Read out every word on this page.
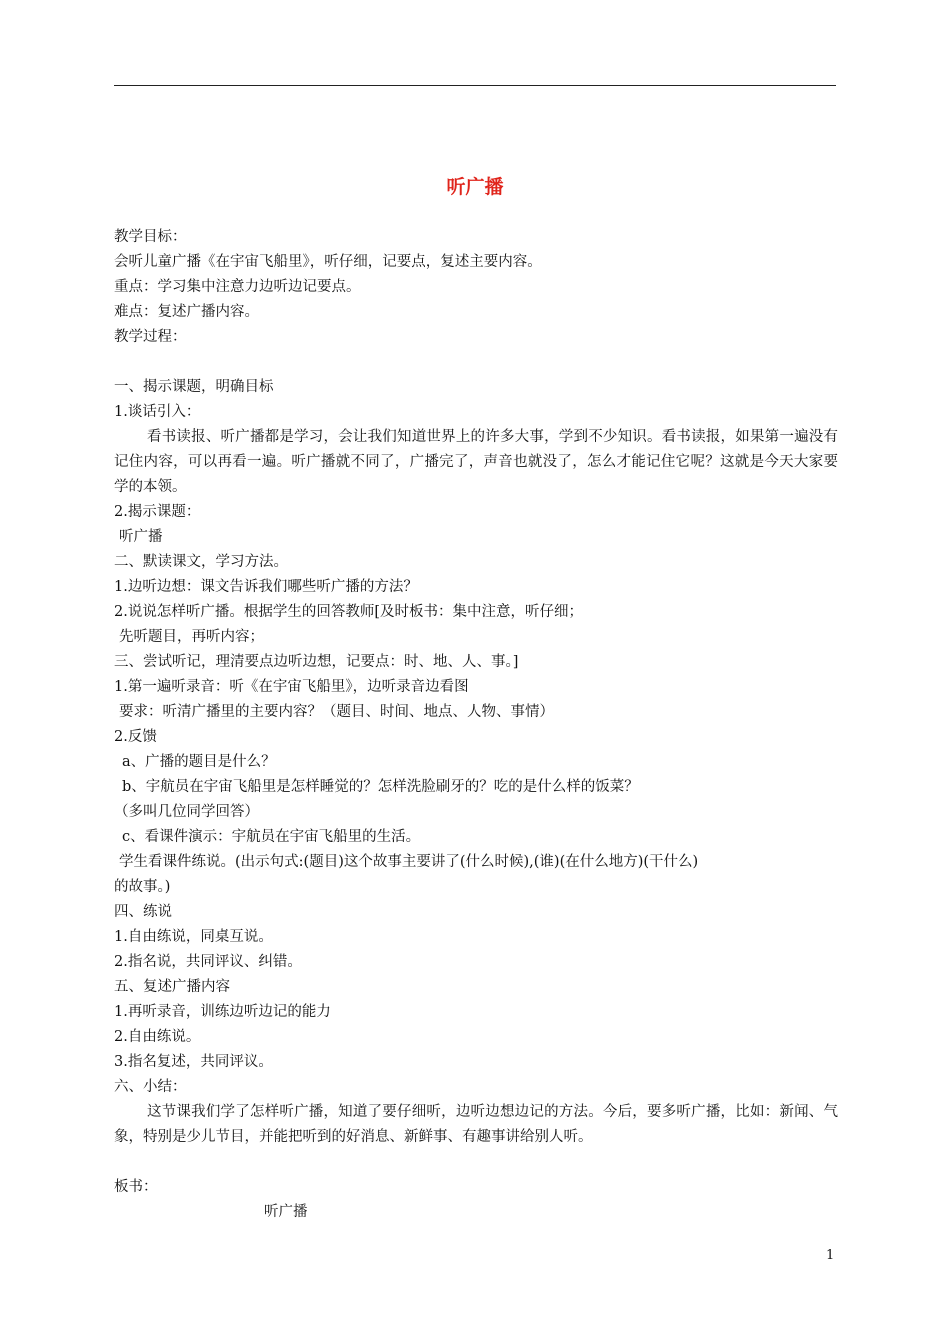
听广播
教学目标：
会听儿童广播《在宇宙飞船里》，听仔细，记要点，复述主要内容。
重点：学习集中注意力边听边记要点。
难点：复述广播内容。
教学过程：
一、揭示课题，明确目标
1.谈话引入：
看书读报、听广播都是学习，会让我们知道世界上的许多大事，学到不少知识。看书读报，如果第一遍没有记住内容，可以再看一遍。听广播就不同了，广播完了，声音也就没了，怎么才能记住它呢？这就是今天大家要学的本领。
2.揭示课题：
听广播
二、默读课文，学习方法。
1.边听边想：课文告诉我们哪些听广播的方法？
2.说说怎样听广播。根据学生的回答教师[及时板书：集中注意，听仔细；
先听题目，再听内容；
三、尝试听记，理清要点边听边想，记要点：时、地、人、事。]
1.第一遍听录音：听《在宇宙飞船里》，边听录音边看图
要求：听清广播里的主要内容？（题目、时间、地点、人物、事情）
2.反馈
a、广播的题目是什么？
b、宇航员在宇宙飞船里是怎样睡觉的？怎样洗脸刷牙的？吃的是什么样的饭菜？
（多叫几位同学回答）
c、看课件演示：宇航员在宇宙飞船里的生活。
学生看课件练说。(出示句式:(题目)这个故事主要讲了(什么时候),(谁)(在什么地方)(干什么)
的故事。)
四、练说
1.自由练说，同桌互说。
2.指名说，共同评议、纠错。
五、复述广播内容
1.再听录音，训练边听边记的能力
2.自由练说。
3.指名复述，共同评议。
六、小结：
这节课我们学了怎样听广播，知道了要仔细听，边听边想边记的方法。今后，要多听广播，比如：新闻、气象，特别是少儿节目，并能把听到的好消息、新鲜事、有趣事讲给别人听。
板书：
听广播
1
